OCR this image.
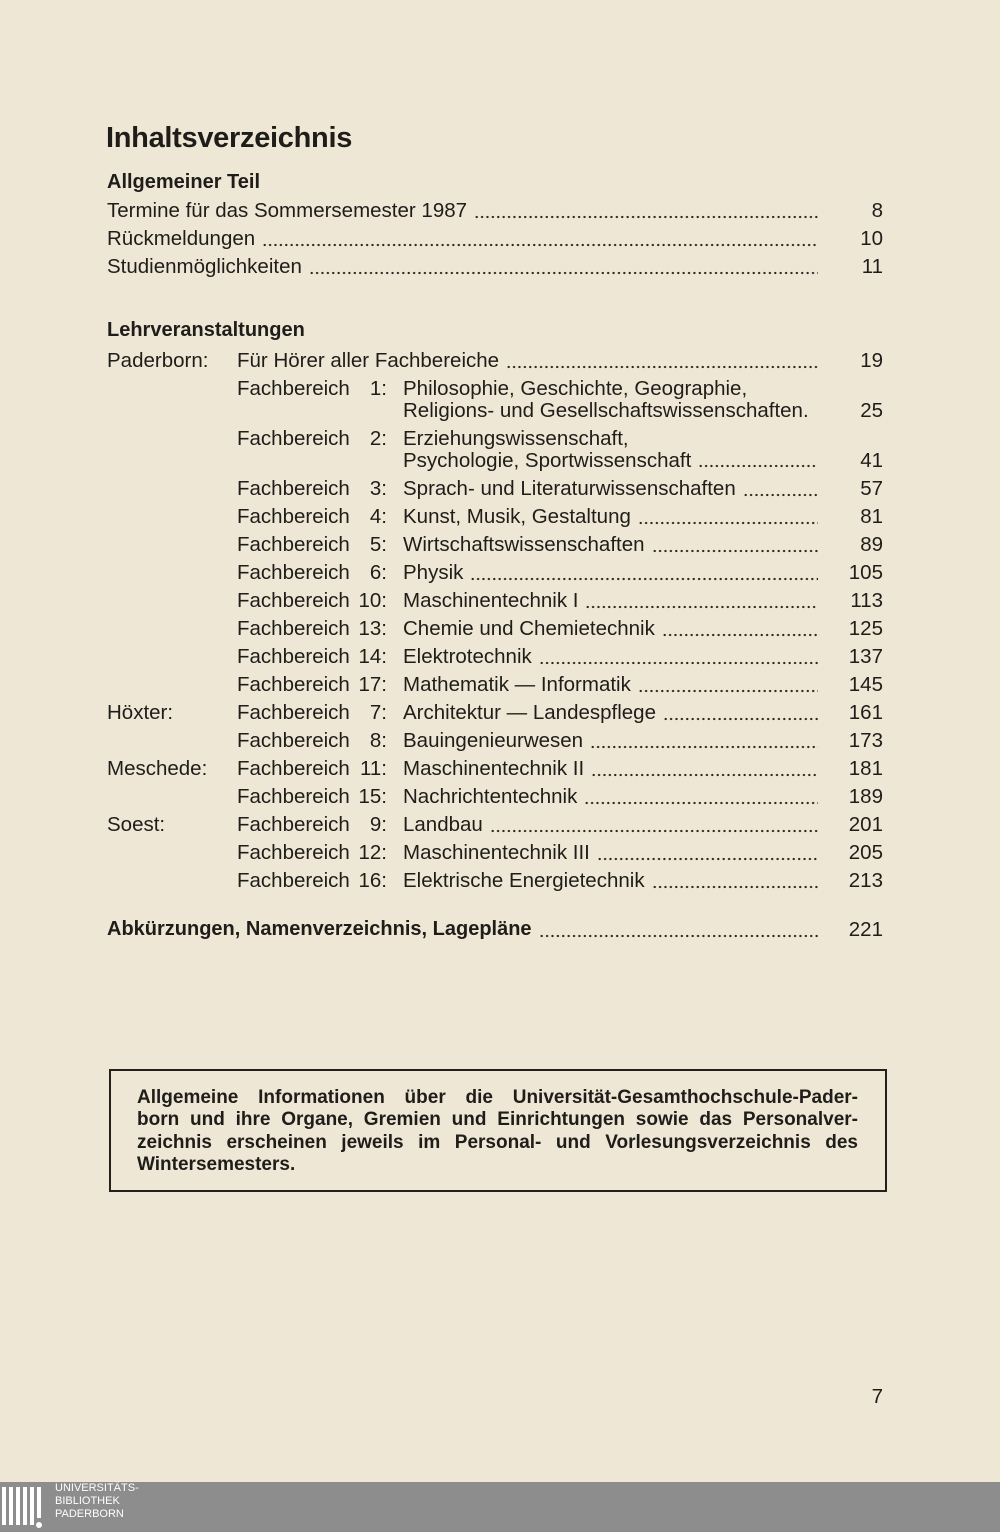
Inhaltsverzeichnis
Allgemeiner Teil
Termine für das Sommersemester 1987	8
Rückmeldungen	10
Studienmöglichkeiten	11
Lehrveranstaltungen
Paderborn: Für Hörer aller Fachbereiche	19
Fachbereich 1: Philosophie, Geschichte, Geographie,
Religions- und Gesellschaftswissenschaften.	25
Fachbereich 2: Erziehungswissenschaft,
Psychologie, Sportwissenschaft	41
Fachbereich 3: Sprach- und Literaturwissenschaften	57
Fachbereich 4: Kunst, Musik, Gestaltung	81
Fachbereich 5: Wirtschaftswissenschaften	89
Fachbereich 6: Physik	105
Fachbereich 10: Maschinentechnik I	113
Fachbereich 13: Chemie und Chemietechnik	125
Fachbereich 14: Elektrotechnik	137
Fachbereich 17: Mathematik — Informatik	145
Höxter:	Fachbereich 7: Architektur — Landespflege	161
Fachbereich 8: Bauingenieurwesen	173
Meschede: Fachbereich 11: Maschinentechnik II	181
Fachbereich 15: Nachrichtentechnik	189
Soest:	Fachbereich 9: Landbau	201
Fachbereich 12: Maschinentechnik III	205
Fachbereich 16: Elektrische Energietechnik	213
Abkürzungen, Namenverzeichnis, Lagepläne	221
Allgemeine Informationen über die Universität-Gesamthochschule-Pader-
born und ihre Organe, Gremien und Einrichtungen sowie das Personalver-
zeichnis erscheinen jeweils im Personal- und Vorlesungsverzeichnis des
Wintersemesters.
7
UNIVERSITÄTS-
BIBLIOTHEK
PADERBORN
